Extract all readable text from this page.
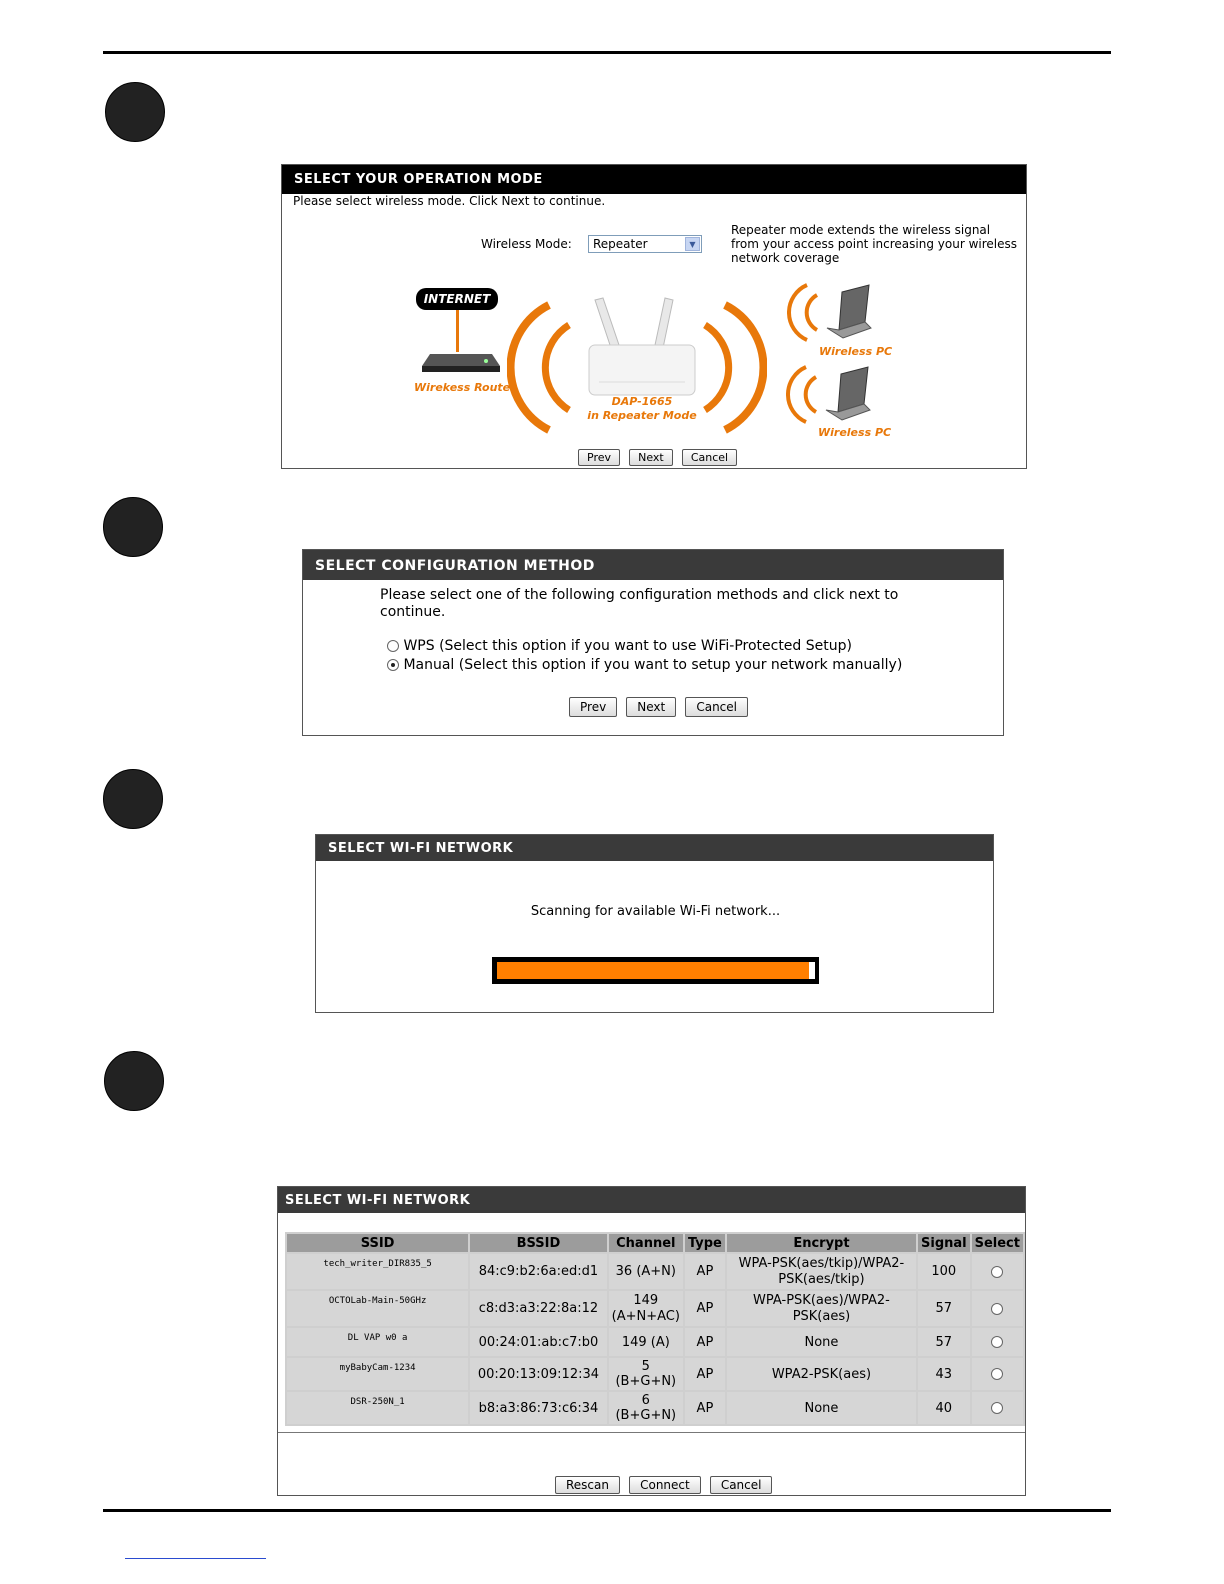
SELECT YOUR OPERATION MODE
Please select wireless mode. Click Next to continue.
Wireless Mode: Repeater	▼
Repeater mode extends the wireless signal
from your access point increasing your wireless
network coverage
INTERNET
Wirekess Router
DAP-1665
in Repeater Mode
Wireless PC
Wireless PC
Prev Next Cancel
SELECT CONFIGURATION METHOD
Please select one of the following configuration methods and click next to
continue.
WPS (Select this option if you want to use WiFi-Protected Setup)
Manual (Select this option if you want to setup your network manually)
Prev	Next	Cancel
SELECT WI-FI NETWORK
Scanning for available Wi-Fi network...
SELECT WI-FI NETWORK
SSID	BSSID	Channel	Type	Encrypt	Signal	Select
tech_writer_DIR835_5	84:c9:b2:6a:ed:d1	36 (A+N)	AP	WPA-PSK(aes/tkip)/WPA2-PSK(aes/tkip)	100	
OCTOLab-Main-50GHz	c8:d3:a3:22:8a:12	149 (A+N+AC)	AP	WPA-PSK(aes)/WPA2-PSK(aes)	57	
DL VAP w0 a	00:24:01:ab:c7:b0	149 (A)	AP	None	57	
myBabyCam-1234	00:20:13:09:12:34	5 (B+G+N)	AP	WPA2-PSK(aes)	43	
DSR-250N_1	b8:a3:86:73:c6:34	6 (B+G+N)	AP	None	40	
Rescan	Connect	Cancel
